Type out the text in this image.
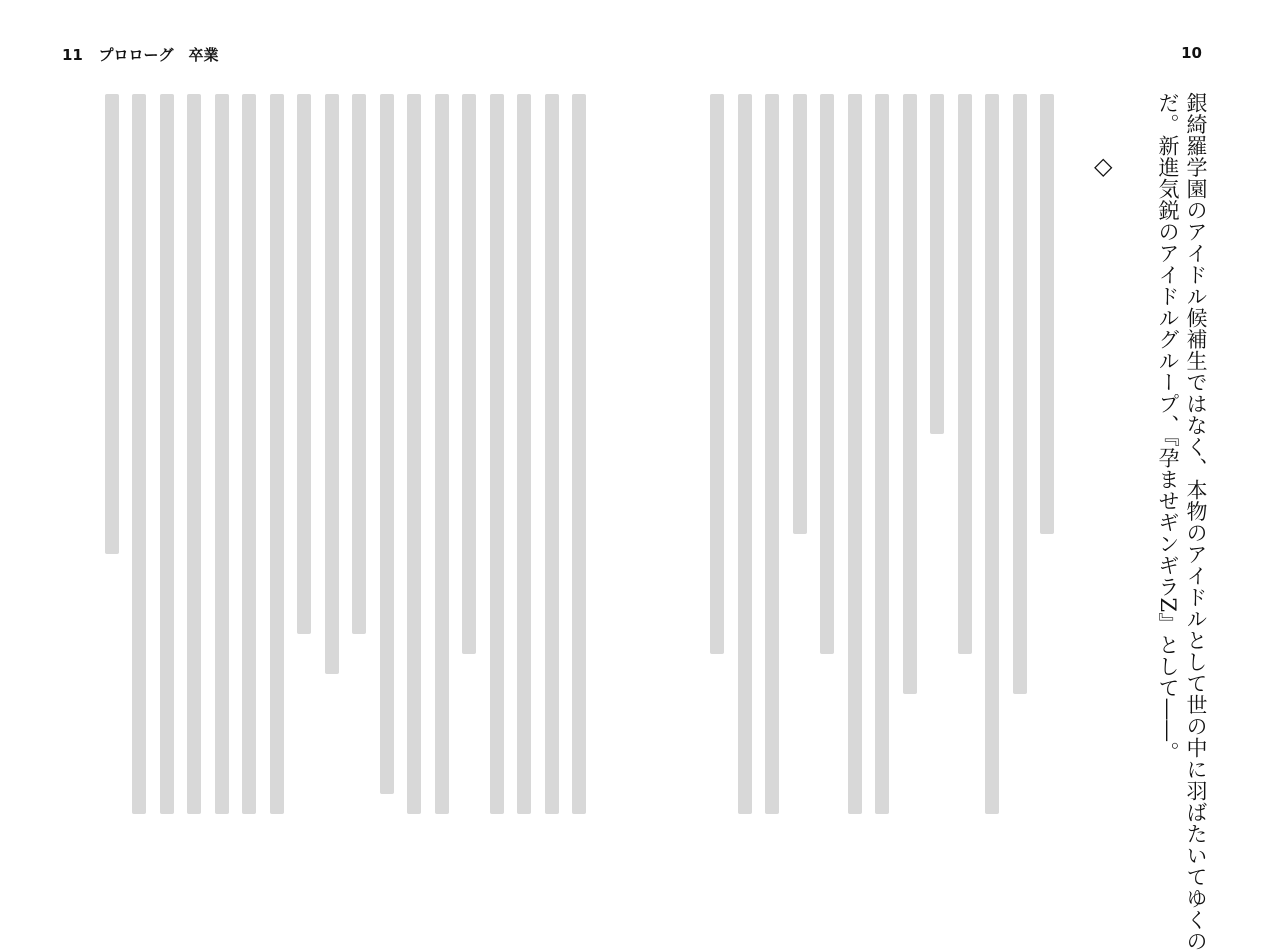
11 プロローグ　卒業	10
銀綺羅学園のアイドル候補生ではなく、本物のアイドルとして世の中に羽ばたいてゆくの
だ。新進気鋭のアイドルグループ、『孕ませギンギラZ』として――。
◇
